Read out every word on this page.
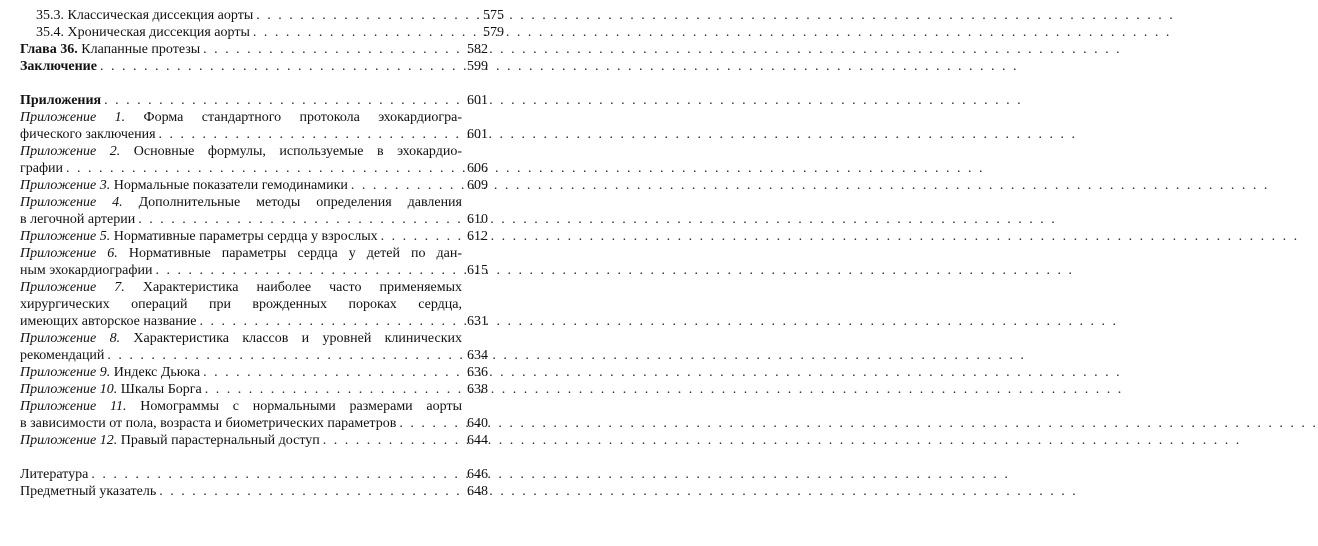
35.3. Классическая диссекция аорты . . .	575
35.4. Хроническая диссекция аорты . . .	579
Глава 36. Клапанные протезы . . .	582
Заключение . . .	599
Приложения . . .	601
Приложение 1. Форма стандартного протокола эхокардиогра-
фического заключения . . .	601
Приложение 2. Основные формулы, используемые в эхокардио-
графии . . .	606
Приложение 3. Нормальные показатели гемодинамики . . .	609
Приложение 4. Дополнительные методы определения давления
в легочной артерии . . .	610
Приложение 5. Нормативные параметры сердца у взрослых . . .	612
Приложение 6. Нормативные параметры сердца у детей по дан-
ным эхокардиографии . . .	615
Приложение 7. Характеристика наиболее часто применяемых
хирургических операций при врожденных пороках сердца,
имеющих авторское название . . .	631
Приложение 8. Характеристика классов и уровней клинических
рекомендаций . . .	634
Приложение 9. Индекс Дьюка . . .	636
Приложение 10. Шкалы Борга . . .	638
Приложение 11. Номограммы с нормальными размерами аорты
в зависимости от пола, возраста и биометрических параметров . . .	640
Приложение 12. Правый парастернальный доступ . . .	644
Литература . . .	646
Предметный указатель . . .	648
